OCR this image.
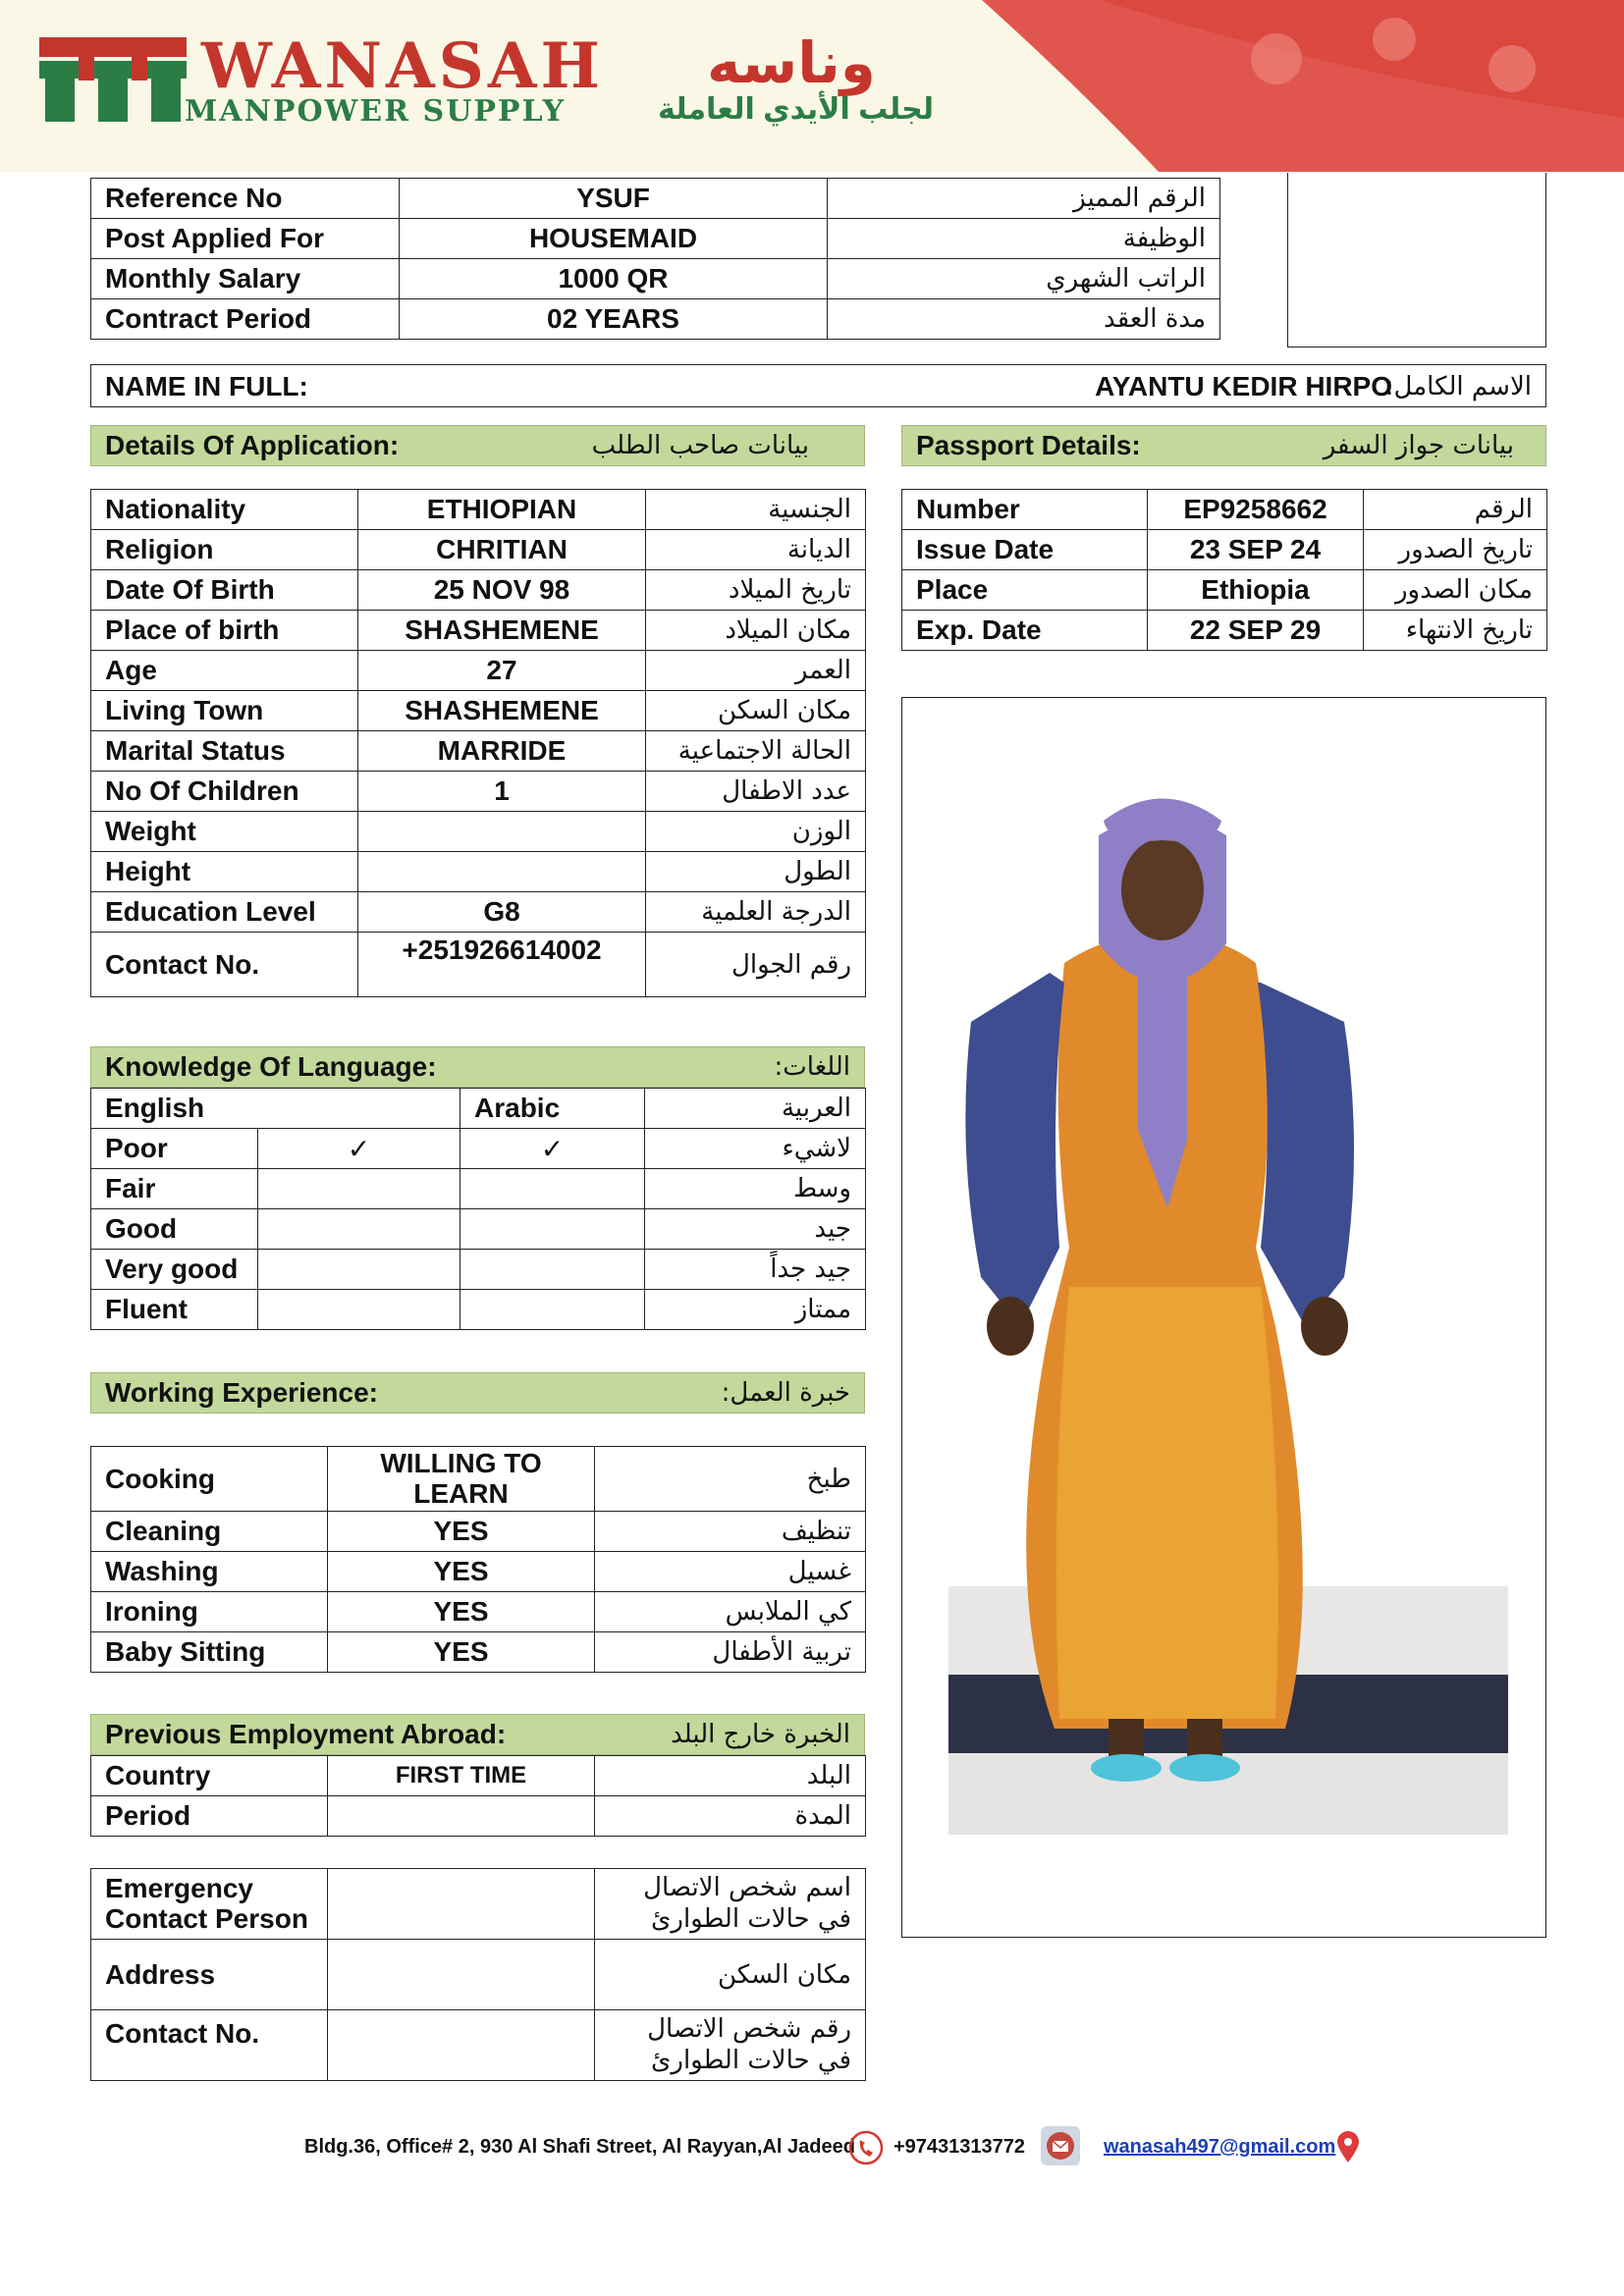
WANASAH وناسه
MANPOWER SUPPLY	لجلب الأيدي العاملة
Reference No	YSUF	الرقم المميز
Post Applied For	HOUSEMAID	الوظيفة
Monthly Salary	1000 QR	الراتب الشهري
Contract Period	02 YEARS	مدة العقد
NAME IN FULL:	AYANTU KEDIR HIRPO
الاسم الكامل:
Details Of Application:	بيانات صاحب الطلب
Nationality	ETHIOPIAN	الجنسية
Religion	CHRITIAN	الديانة
Date Of Birth	25 NOV 98	تاريخ الميلاد
Place of birth	SHASHEMENE	مكان الميلاد
Age	27	العمر
Living Town	SHASHEMENE	مكان السكن
Marital Status	MARRIDE	الحالة الاجتماعية
No Of Children	1	عدد الاطفال
Weight		الوزن
Height		الطول
Education Level	G8	الدرجة العلمية
Contact No.	+251926614002	رقم الجوال
Passport Details:	بيانات جواز السفر
Number	EP9258662	الرقم
Issue Date	23 SEP 24	تاريخ الصدور
Place	Ethiopia	مكان الصدور
Exp. Date	22 SEP 29	تاريخ الانتهاء
Knowledge Of Language:	اللغات:
English		Arabic	العربية
Poor	✓	✓	لاشيء
Fair			وسط
Good			جيد
Very good			جيد جداً
Fluent			ممتاز
Working Experience:	خبرة العمل:
Cooking	WILLING TO LEARN	طبخ
Cleaning	YES	تنظيف
Washing	YES	غسيل
Ironing	YES	كي الملابس
Baby Sitting	YES	تربية الأطفال
Previous Employment Abroad:	الخبرة خارج البلد
Country	FIRST TIME	البلد
Period		المدة
Emergency Contact Person		اسم شخص الاتصال في حالات الطوارئ
Address		مكان السكن
Contact No.		رقم شخص الاتصال في حالات الطوارئ
Bldg.36, Office# 2, 930 Al Shafi Street, Al Rayyan,Al Jadeed +97431313772	wanasah497@gmail.com
